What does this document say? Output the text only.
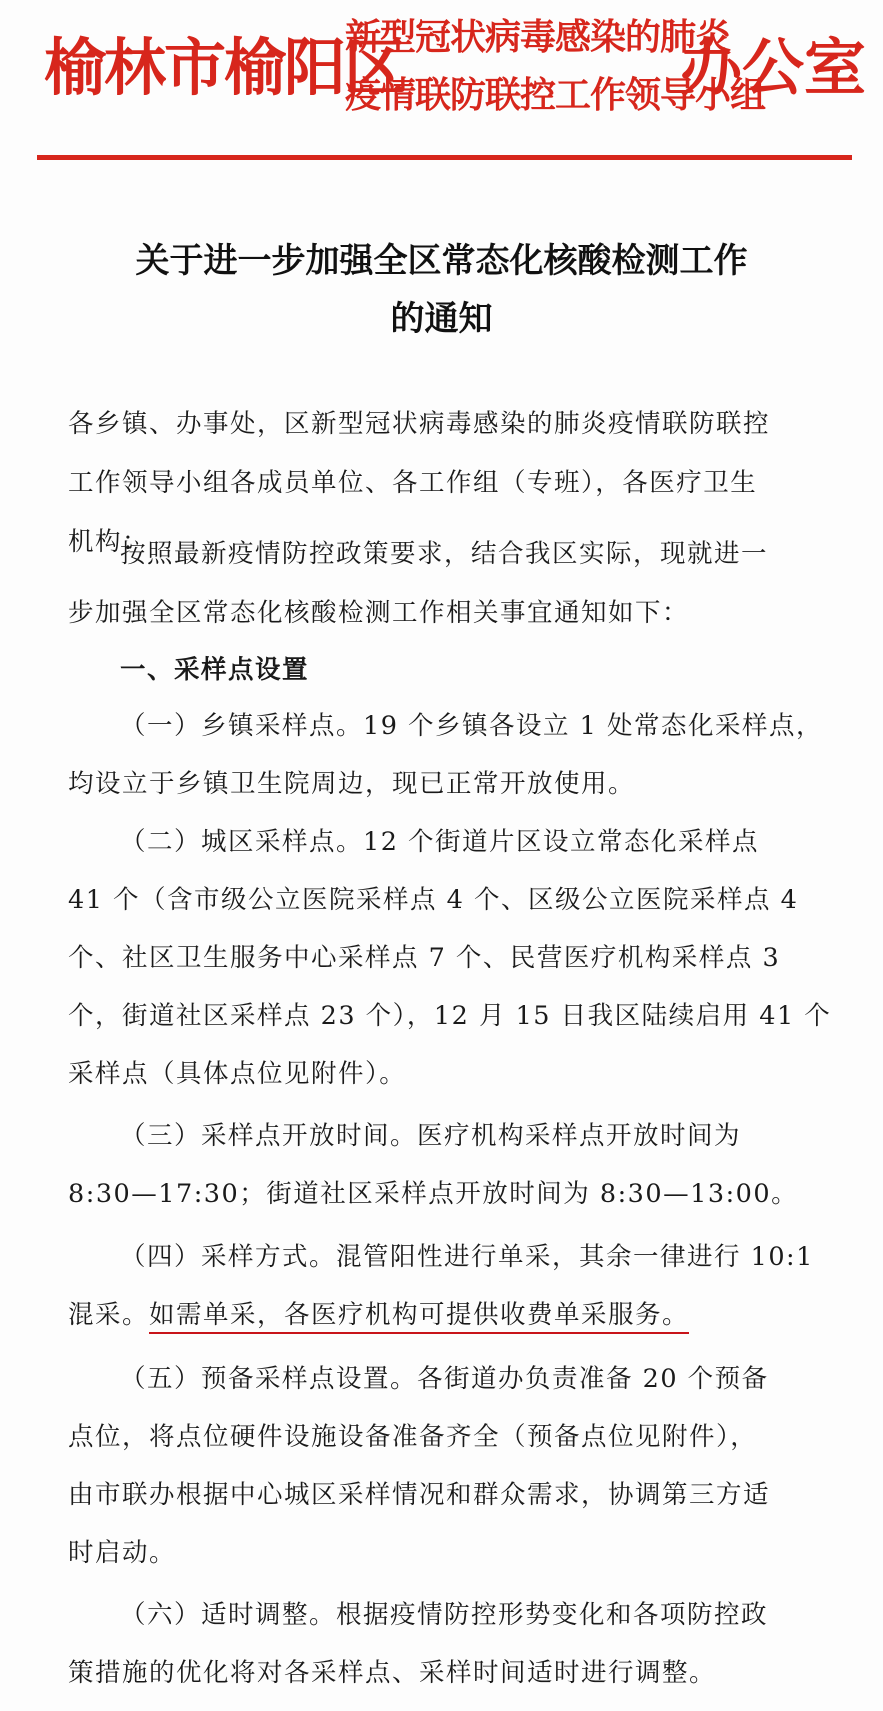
榆林市榆阳区
新型冠状病毒感染的肺炎
疫情联防联控工作领导小组
办公室
关于进一步加强全区常态化核酸检测工作
的通知
各乡镇、办事处，区新型冠状病毒感染的肺炎疫情联防联控
工作领导小组各成员单位、各工作组（专班），各医疗卫生
机构：
按照最新疫情防控政策要求，结合我区实际，现就进一
步加强全区常态化核酸检测工作相关事宜通知如下：
一、采样点设置
（一）乡镇采样点。19 个乡镇各设立 1 处常态化采样点，
均设立于乡镇卫生院周边，现已正常开放使用。
（二）城区采样点。12 个街道片区设立常态化采样点
41 个（含市级公立医院采样点 4 个、区级公立医院采样点 4
个、社区卫生服务中心采样点 7 个、民营医疗机构采样点 3
个，街道社区采样点 23 个），12 月 15 日我区陆续启用 41 个
采样点（具体点位见附件）。
（三）采样点开放时间。医疗机构采样点开放时间为
8:30—17:30；街道社区采样点开放时间为 8:30—13:00。
（四）采样方式。混管阳性进行单采，其余一律进行 10:1
混采。如需单采，各医疗机构可提供收费单采服务。
（五）预备采样点设置。各街道办负责准备 20 个预备
点位，将点位硬件设施设备准备齐全（预备点位见附件），
由市联办根据中心城区采样情况和群众需求，协调第三方适
时启动。
（六）适时调整。根据疫情防控形势变化和各项防控政
策措施的优化将对各采样点、采样时间适时进行调整。
